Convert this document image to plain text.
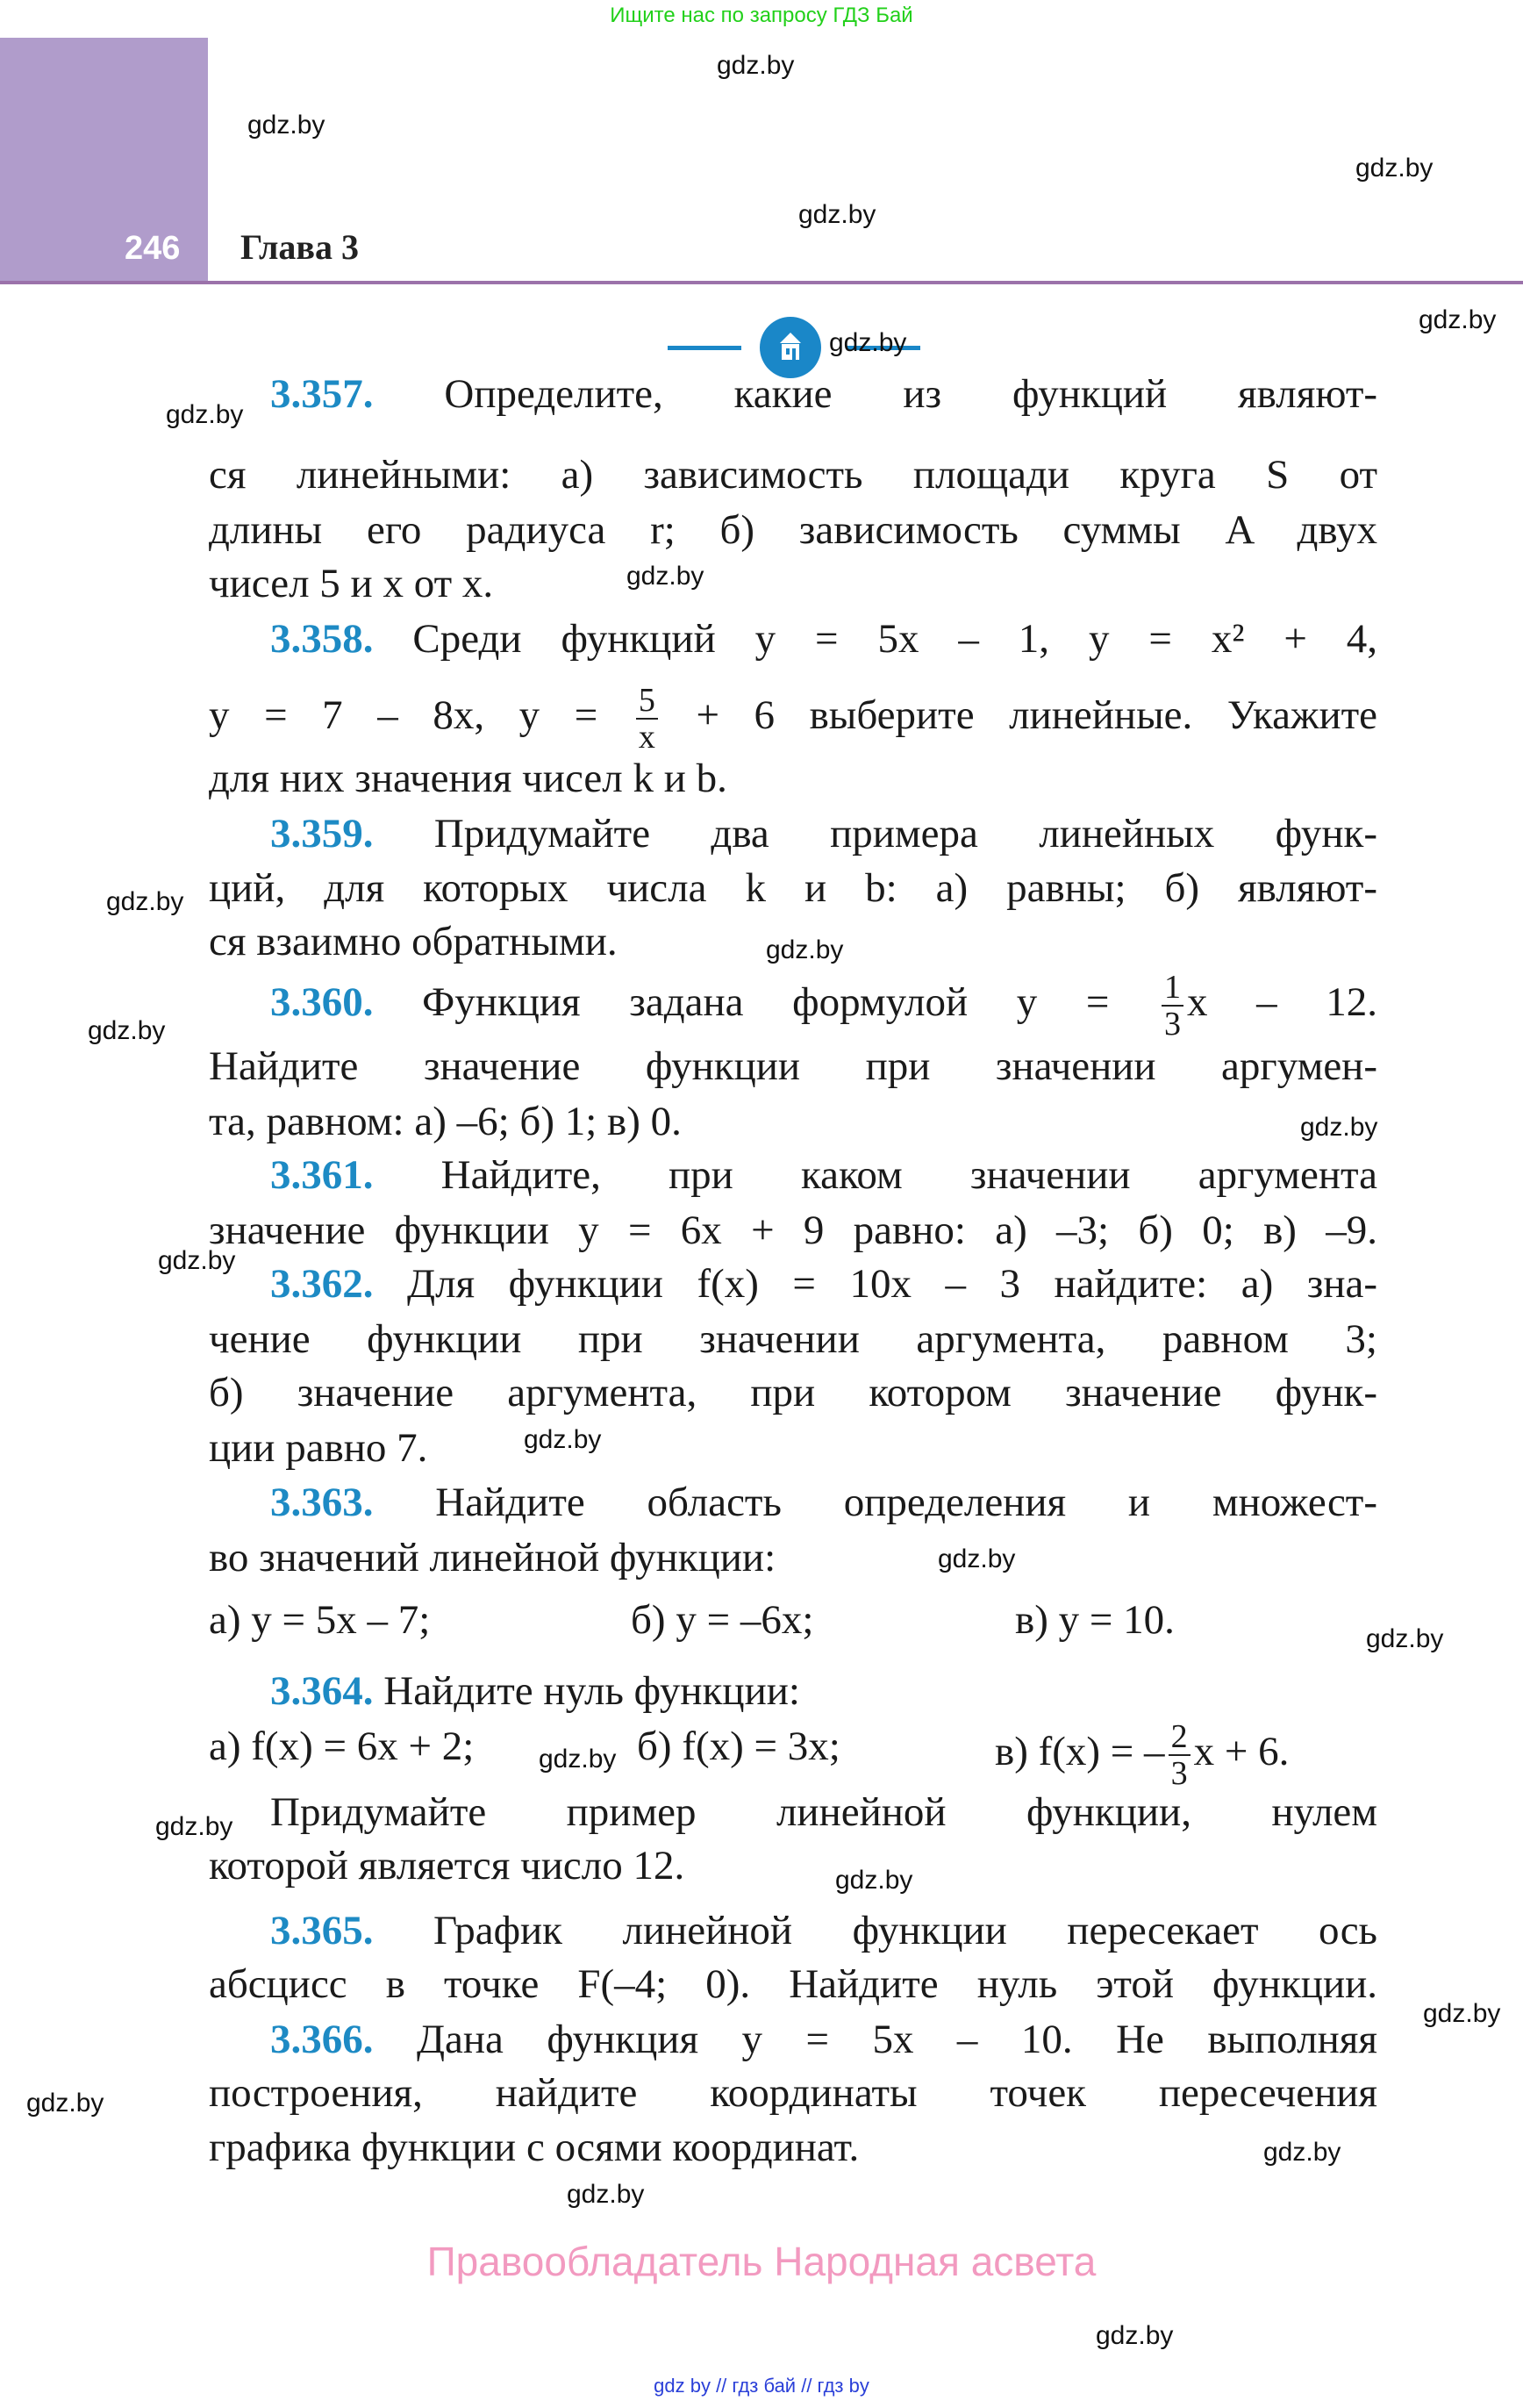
Ищите нас по запросу ГДЗ Бай
246 Глава 3
3.357. Определите, какие из функций являют-
ся линейными: а) зависимость площади круга S от
длины его радиуса r; б) зависимость суммы A двух
чисел 5 и x от x.
3.358. Среди функций y = 5x – 1, y = x² + 4,
y = 7 – 8x, $y = \frac{5}{x} + 6$ выберите линейные. Укажите
для них значения чисел k и b.
3.359. Придумайте два примера линейных функ-
ций, для которых числа k и b: а) равны; б) являют-
ся взаимно обратными.
3.360. Функция задана формулой $y = \frac{1}{3}$ x – 12.
Найдите значение функции при значении аргумен-
та, равном: а) –6; б) 1; в) 0.
3.361. Найдите, при каком значении аргумента
значение функции y = 6x + 9 равно: а) –3; б) 0; в) –9.
3.362. Для функции f(x) = 10x – 3 найдите: а) зна-
чение функции при значении аргумента, равном 3;
б) значение аргумента, при котором значение функ-
ции равно 7.
3.363. Найдите область определения и множест-
во значений линейной функции:
а) y = 5x – 7;	б) y = –6x;	в) y = 10.
3.364. Найдите нуль функции:
а) f(x) = 6x + 2;	б) f(x) = 3x;	в) f(x) = – $\frac{2}{3}$ x + 6.
Придумайте пример линейной функции, нулем
которой является число 12.
3.365. График линейной функции пересекает ось
абсцисс в точке F(–4; 0). Найдите нуль этой функции.
3.366. Дана функция y = 5x – 10. Не выполняя
построения, найдите координаты точек пересечения
графика функции с осями координат.
gdz.by
gdz.by
gdz.by
gdz.by
gdz.by
gdz.by
gdz.by
gdz.by
gdz.by
gdz.by
gdz.by
gdz.by
gdz.by
gdz.by
gdz.by
gdz.by
gdz.by
gdz.by
gdz.by
gdz.by
gdz.by
gdz.by
gdz.by
gdz.by
Правообладатель Народная асвета
gdz by // гдз бай // гдз by
